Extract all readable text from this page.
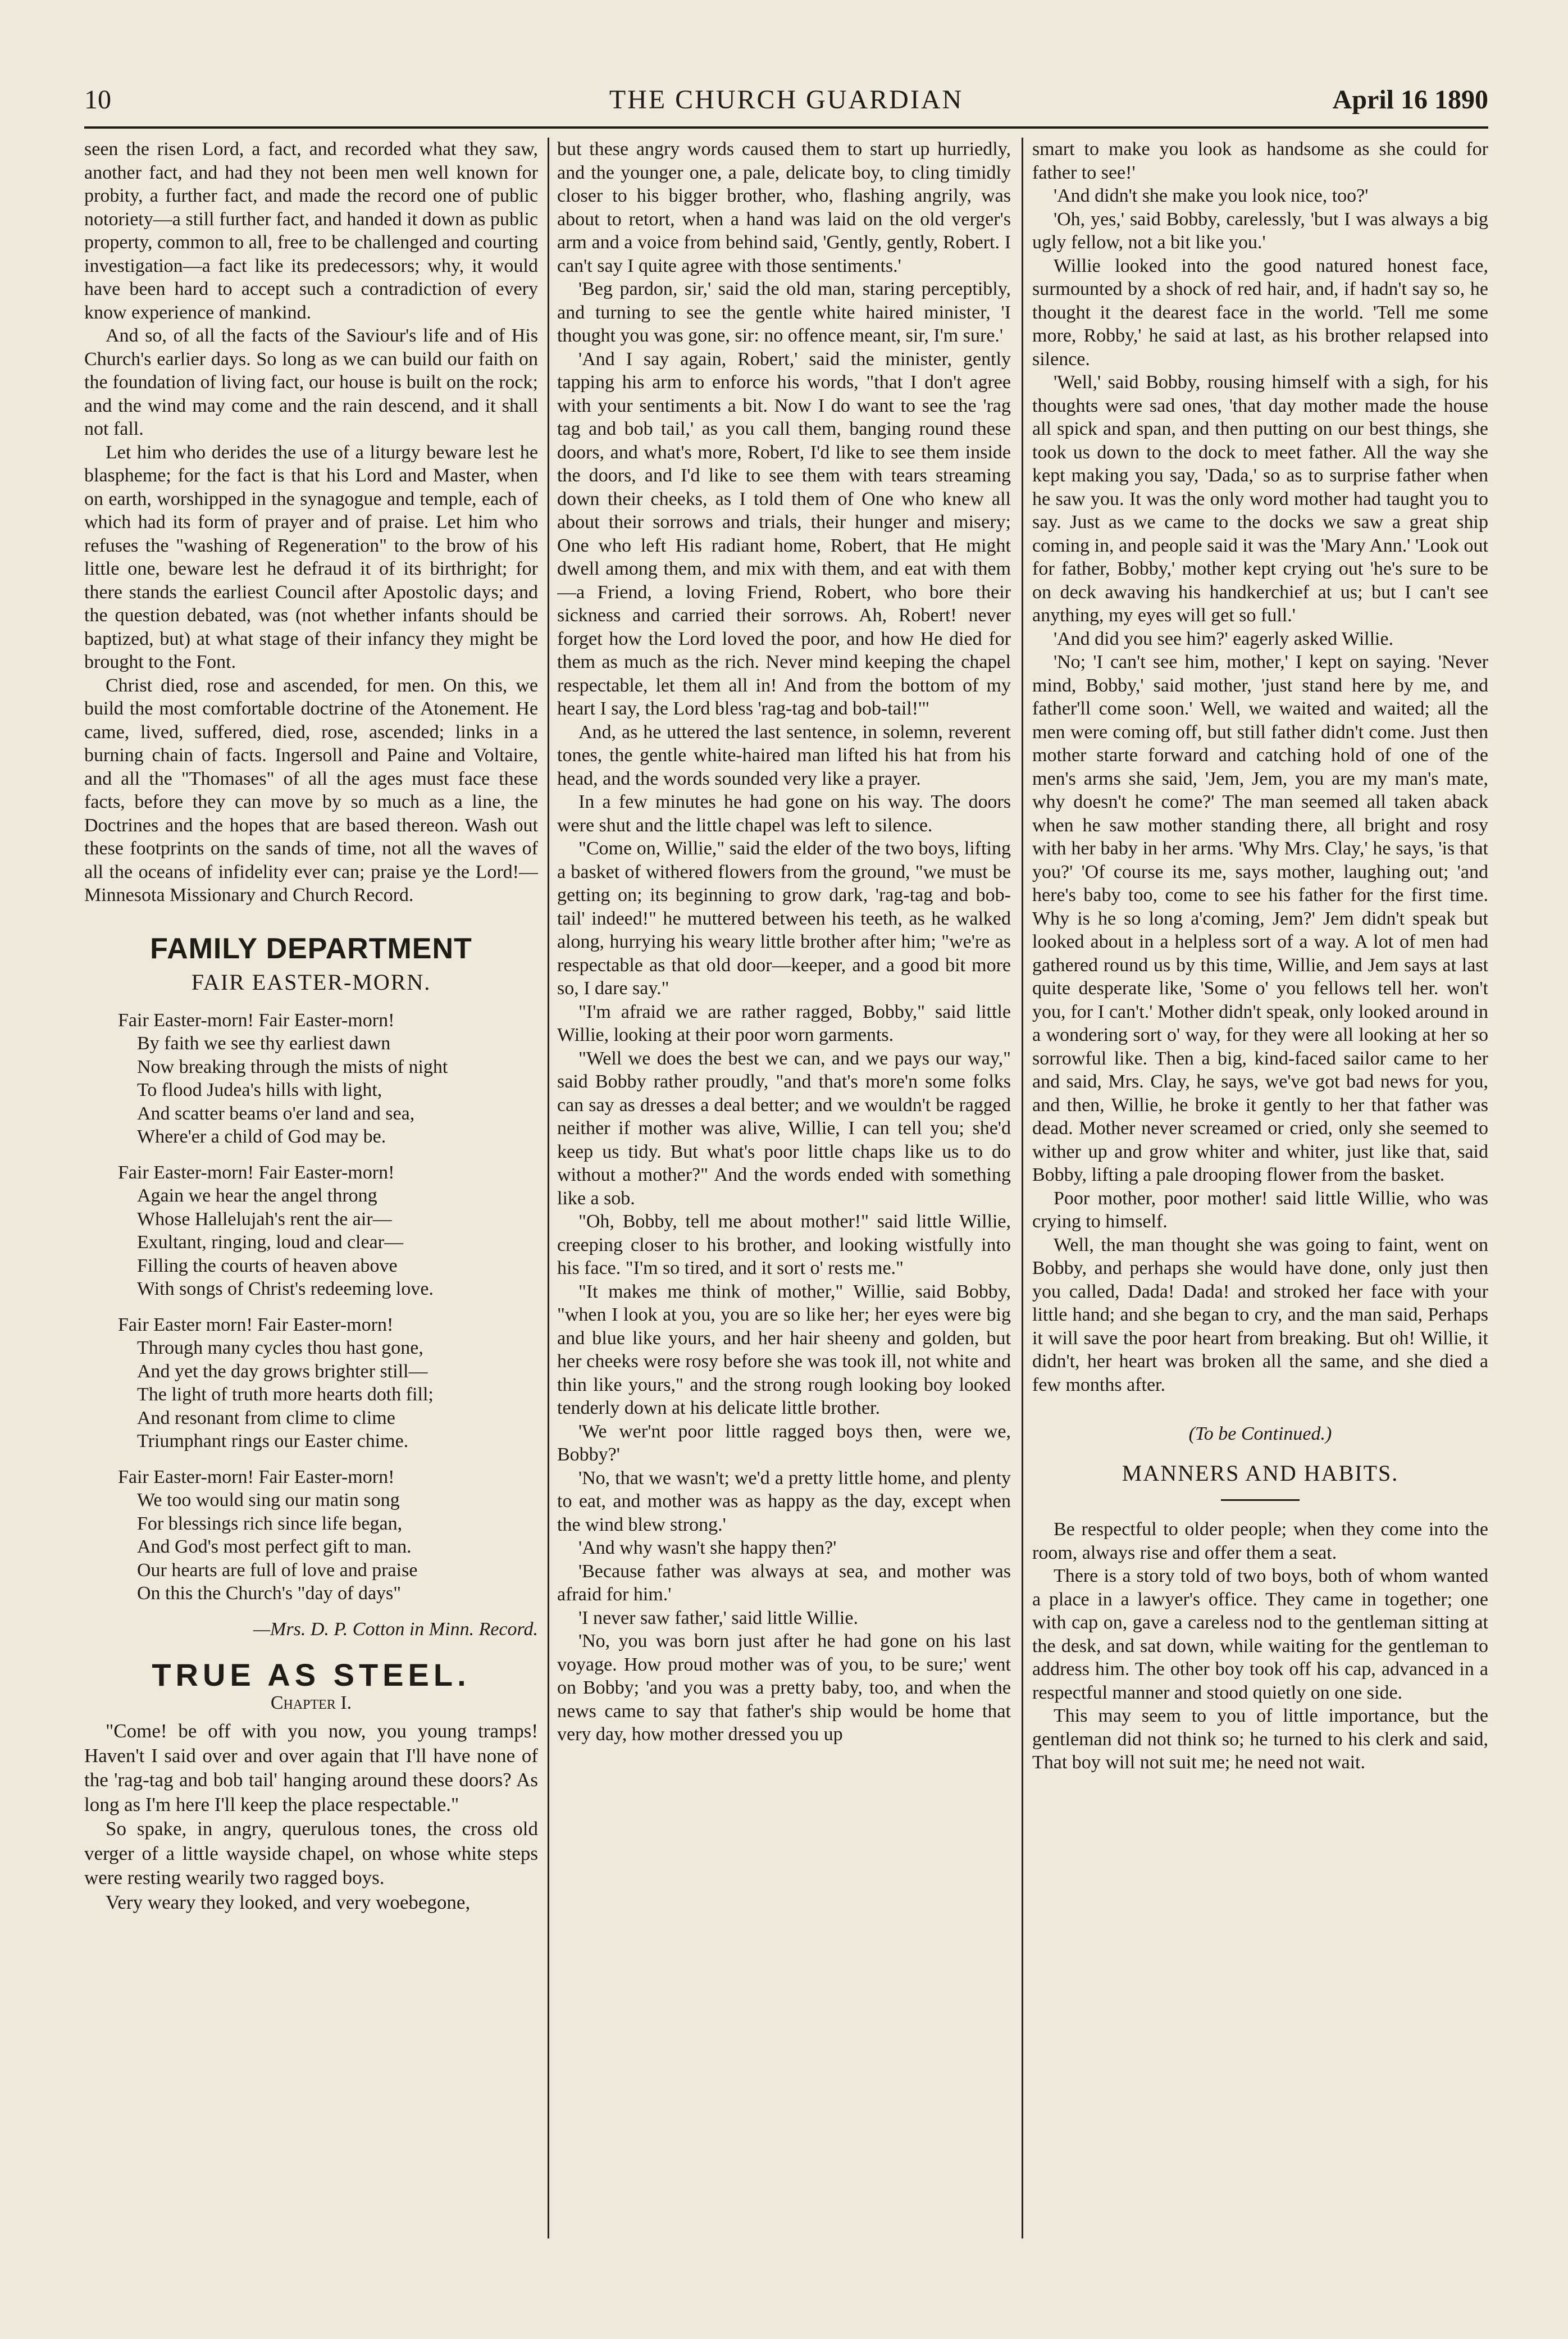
10	THE CHURCH GUARDIAN	April 16 1890

seen the risen Lord, a fact, and recorded what they saw, another fact, and had they not been men well known for probity, a further fact, and made the record one of public notoriety—a still further fact, and handed it down as public property, common to all, free to be challenged and courting investigation—a fact like its predecessors; why, it would have been hard to accept such a contradiction of every know experience of mankind.

And so, of all the facts of the Saviour's life and of His Church's earlier days. So long as we can build our faith on the foundation of living fact, our house is built on the rock; and the wind may come and the rain descend, and it shall not fall.

Let him who derides the use of a liturgy beware lest he blaspheme; for the fact is that his Lord and Master, when on earth, worshipped in the synagogue and temple, each of which had its form of prayer and of praise. Let him who refuses the "washing of Regeneration" to the brow of his little one, beware lest he defraud it of its birthright; for there stands the earliest Council after Apostolic days; and the question debated, was (not whether infants should be baptized, but) at what stage of their infancy they might be brought to the Font.

Christ died, rose and ascended, for men. On this, we build the most comfortable doctrine of the Atonement. He came, lived, suffered, died, rose, ascended; links in a burning chain of facts. Ingersoll and Paine and Voltaire, and all the "Thomases" of all the ages must face these facts, before they can move by so much as a line, the Doctrines and the hopes that are based thereon. Wash out these footprints on the sands of time, not all the waves of all the oceans of infidelity ever can; praise ye the Lord!—Minnesota Missionary and Church Record.

FAMILY DEPARTMENT
FAIR EASTER-MORN.
Fair Easter-morn! Fair Easter-morn!
By faith we see thy earliest dawn
Now breaking through the mists of night
To flood Judea's hills with light,
And scatter beams o'er land and sea,
Where'er a child of God may be.
Fair Easter-morn! Fair Easter-morn!
Again we hear the angel throng
Whose Hallelujah's rent the air—
Exultant, ringing, loud and clear—
Filling the courts of heaven above
With songs of Christ's redeeming love.
Fair Easter morn! Fair Easter-morn!
Through many cycles thou hast gone,
And yet the day grows brighter still—
The light of truth more hearts doth fill;
And resonant from clime to clime
Triumphant rings our Easter chime.
Fair Easter-morn! Fair Easter-morn!
We too would sing our matin song
For blessings rich since life began,
And God's most perfect gift to man.
Our hearts are full of love and praise
On this the Church's "day of days"
—Mrs. D. P. Cotton in Minn. Record.
TRUE AS STEEL.
Chapter I.

"Come! be off with you now, you young tramps! Haven't I said over and over again that I'll have none of the 'rag-tag and bob tail' hanging around these doors? As long as I'm here I'll keep the place respectable."

So spake, in angry, querulous tones, the cross old verger of a little wayside chapel, on whose white steps were resting wearily two ragged boys.

Very weary they looked, and very woebegone,

but these angry words caused them to start up hurriedly, and the younger one, a pale, delicate boy, to cling timidly closer to his bigger brother, who, flashing angrily, was about to retort, when a hand was laid on the old verger's arm and a voice from behind said, 'Gently, gently, Robert. I can't say I quite agree with those sentiments.'

'Beg pardon, sir,' said the old man, staring perceptibly, and turning to see the gentle white haired minister, 'I thought you was gone, sir: no offence meant, sir, I'm sure.'

'And I say again, Robert,' said the minister, gently tapping his arm to enforce his words, "that I don't agree with your sentiments a bit. Now I do want to see the 'rag tag and bob tail,' as you call them, banging round these doors, and what's more, Robert, I'd like to see them inside the doors, and I'd like to see them with tears streaming down their cheeks, as I told them of One who knew all about their sorrows and trials, their hunger and misery; One who left His radiant home, Robert, that He might dwell among them, and mix with them, and eat with them—a Friend, a loving Friend, Robert, who bore their sickness and carried their sorrows. Ah, Robert! never forget how the Lord loved the poor, and how He died for them as much as the rich. Never mind keeping the chapel respectable, let them all in! And from the bottom of my heart I say, the Lord bless 'rag-tag and bob-tail!'"

And, as he uttered the last sentence, in solemn, reverent tones, the gentle white-haired man lifted his hat from his head, and the words sounded very like a prayer.

In a few minutes he had gone on his way. The doors were shut and the little chapel was left to silence.

"Come on, Willie," said the elder of the two boys, lifting a basket of withered flowers from the ground, "we must be getting on; its beginning to grow dark, 'rag-tag and bob-tail' indeed!" he muttered between his teeth, as he walked along, hurrying his weary little brother after him; "we're as respectable as that old door—keeper, and a good bit more so, I dare say."

"I'm afraid we are rather ragged, Bobby," said little Willie, looking at their poor worn garments.

"Well we does the best we can, and we pays our way," said Bobby rather proudly, "and that's more'n some folks can say as dresses a deal better; and we wouldn't be ragged neither if mother was alive, Willie, I can tell you; she'd keep us tidy. But what's poor little chaps like us to do without a mother?" And the words ended with something like a sob.

"Oh, Bobby, tell me about mother!" said little Willie, creeping closer to his brother, and looking wistfully into his face. "I'm so tired, and it sort o' rests me."

"It makes me think of mother," Willie, said Bobby, "when I look at you, you are so like her; her eyes were big and blue like yours, and her hair sheeny and golden, but her cheeks were rosy before she was took ill, not white and thin like yours," and the strong rough looking boy looked tenderly down at his delicate little brother.

'We wer'nt poor little ragged boys then, were we, Bobby?'

'No, that we wasn't; we'd a pretty little home, and plenty to eat, and mother was as happy as the day, except when the wind blew strong.'

'And why wasn't she happy then?'

'Because father was always at sea, and mother was afraid for him.'

'I never saw father,' said little Willie.

'No, you was born just after he had gone on his last voyage. How proud mother was of you, to be sure;' went on Bobby; 'and you was a pretty baby, too, and when the news came to say that father's ship would be home that very day, how mother dressed you up

smart to make you look as handsome as she could for father to see!'

'And didn't she make you look nice, too?'

'Oh, yes,' said Bobby, carelessly, 'but I was always a big ugly fellow, not a bit like you.'

Willie looked into the good natured honest face, surmounted by a shock of red hair, and, if hadn't say so, he thought it the dearest face in the world. 'Tell me some more, Robby,' he said at last, as his brother relapsed into silence.

'Well,' said Bobby, rousing himself with a sigh, for his thoughts were sad ones, 'that day mother made the house all spick and span, and then putting on our best things, she took us down to the dock to meet father. All the way she kept making you say, 'Dada,' so as to surprise father when he saw you. It was the only word mother had taught you to say. Just as we came to the docks we saw a great ship coming in, and people said it was the 'Mary Ann.' 'Look out for father, Bobby,' mother kept crying out 'he's sure to be on deck awaving his handkerchief at us; but I can't see anything, my eyes will get so full.'

'And did you see him?' eagerly asked Willie.

'No; 'I can't see him, mother,' I kept on saying. 'Never mind, Bobby,' said mother, 'just stand here by me, and father'll come soon.' Well, we waited and waited; all the men were coming off, but still father didn't come. Just then mother starte forward and catching hold of one of the men's arms she said, 'Jem, Jem, you are my man's mate, why doesn't he come?' The man seemed all taken aback when he saw mother standing there, all bright and rosy with her baby in her arms. 'Why Mrs. Clay,' he says, 'is that you?' 'Of course its me, says mother, laughing out; 'and here's baby too, come to see his father for the first time. Why is he so long a'coming, Jem?' Jem didn't speak but looked about in a helpless sort of a way. A lot of men had gathered round us by this time, Willie, and Jem says at last quite desperate like, 'Some o' you fellows tell her. won't you, for I can't.' Mother didn't speak, only looked around in a wondering sort o' way, for they were all looking at her so sorrowful like. Then a big, kind-faced sailor came to her and said, Mrs. Clay, he says, we've got bad news for you, and then, Willie, he broke it gently to her that father was dead. Mother never screamed or cried, only she seemed to wither up and grow whiter and whiter, just like that, said Bobby, lifting a pale drooping flower from the basket.

Poor mother, poor mother! said little Willie, who was crying to himself.

Well, the man thought she was going to faint, went on Bobby, and perhaps she would have done, only just then you called, Dada! Dada! and stroked her face with your little hand; and she began to cry, and the man said, Perhaps it will save the poor heart from breaking. But oh! Willie, it didn't, her heart was broken all the same, and she died a few months after.

(To be Continued.)
MANNERS AND HABITS.

Be respectful to older people; when they come into the room, always rise and offer them a seat.

There is a story told of two boys, both of whom wanted a place in a lawyer's office. They came in together; one with cap on, gave a careless nod to the gentleman sitting at the desk, and sat down, while waiting for the gentleman to address him. The other boy took off his cap, advanced in a respectful manner and stood quietly on one side.

This may seem to you of little importance, but the gentleman did not think so; he turned to his clerk and said, That boy will not suit me; he need not wait.
